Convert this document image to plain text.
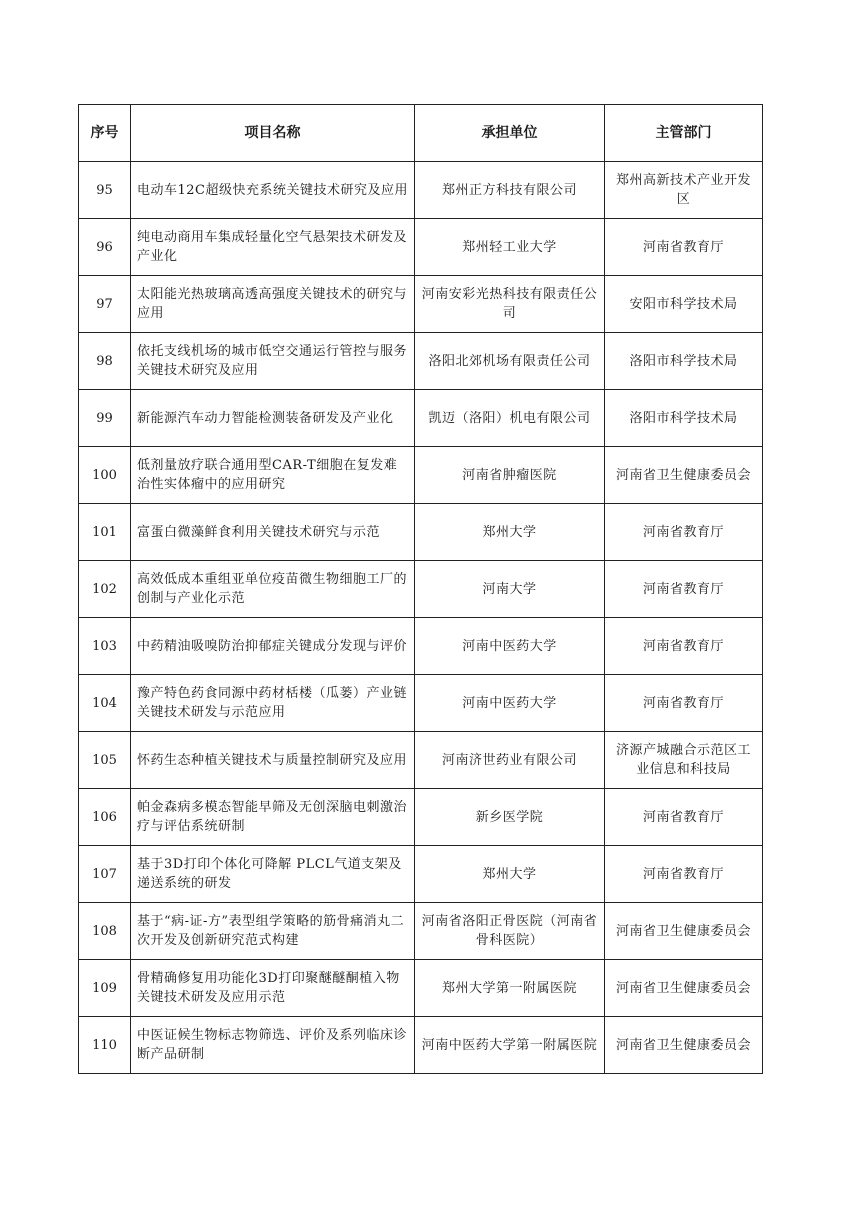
序号	项目名称	承担单位	主管部门
95	电动车12C超级快充系统关键技术研究及应用	郑州正方科技有限公司	郑州高新技术产业开发区
96	纯电动商用车集成轻量化空气悬架技术研发及产业化	郑州轻工业大学	河南省教育厅
97	太阳能光热玻璃高透高强度关键技术的研究与应用	河南安彩光热科技有限责任公司	安阳市科学技术局
98	依托支线机场的城市低空交通运行管控与服务关键技术研究及应用	洛阳北郊机场有限责任公司	洛阳市科学技术局
99	新能源汽车动力智能检测装备研发及产业化	凯迈（洛阳）机电有限公司	洛阳市科学技术局
100	低剂量放疗联合通用型CAR-T细胞在复发难治性实体瘤中的应用研究	河南省肿瘤医院	河南省卫生健康委员会
101	富蛋白微藻鲜食利用关键技术研究与示范	郑州大学	河南省教育厅
102	高效低成本重组亚单位疫苗微生物细胞工厂的创制与产业化示范	河南大学	河南省教育厅
103	中药精油吸嗅防治抑郁症关键成分发现与评价	河南中医药大学	河南省教育厅
104	豫产特色药食同源中药材栝楼（瓜蒌）产业链关键技术研发与示范应用	河南中医药大学	河南省教育厅
105	怀药生态种植关键技术与质量控制研究及应用	河南济世药业有限公司	济源产城融合示范区工业信息和科技局
106	帕金森病多模态智能早筛及无创深脑电刺激治疗与评估系统研制	新乡医学院	河南省教育厅
107	基于3D打印个体化可降解 PLCL气道支架及递送系统的研发	郑州大学	河南省教育厅
108	基于“病-证-方”表型组学策略的筋骨痛消丸二次开发及创新研究范式构建	河南省洛阳正骨医院（河南省骨科医院）	河南省卫生健康委员会
109	骨精确修复用功能化3D打印聚醚醚酮植入物关键技术研发及应用示范	郑州大学第一附属医院	河南省卫生健康委员会
110	中医证候生物标志物筛选、评价及系列临床诊断产品研制	河南中医药大学第一附属医院	河南省卫生健康委员会
